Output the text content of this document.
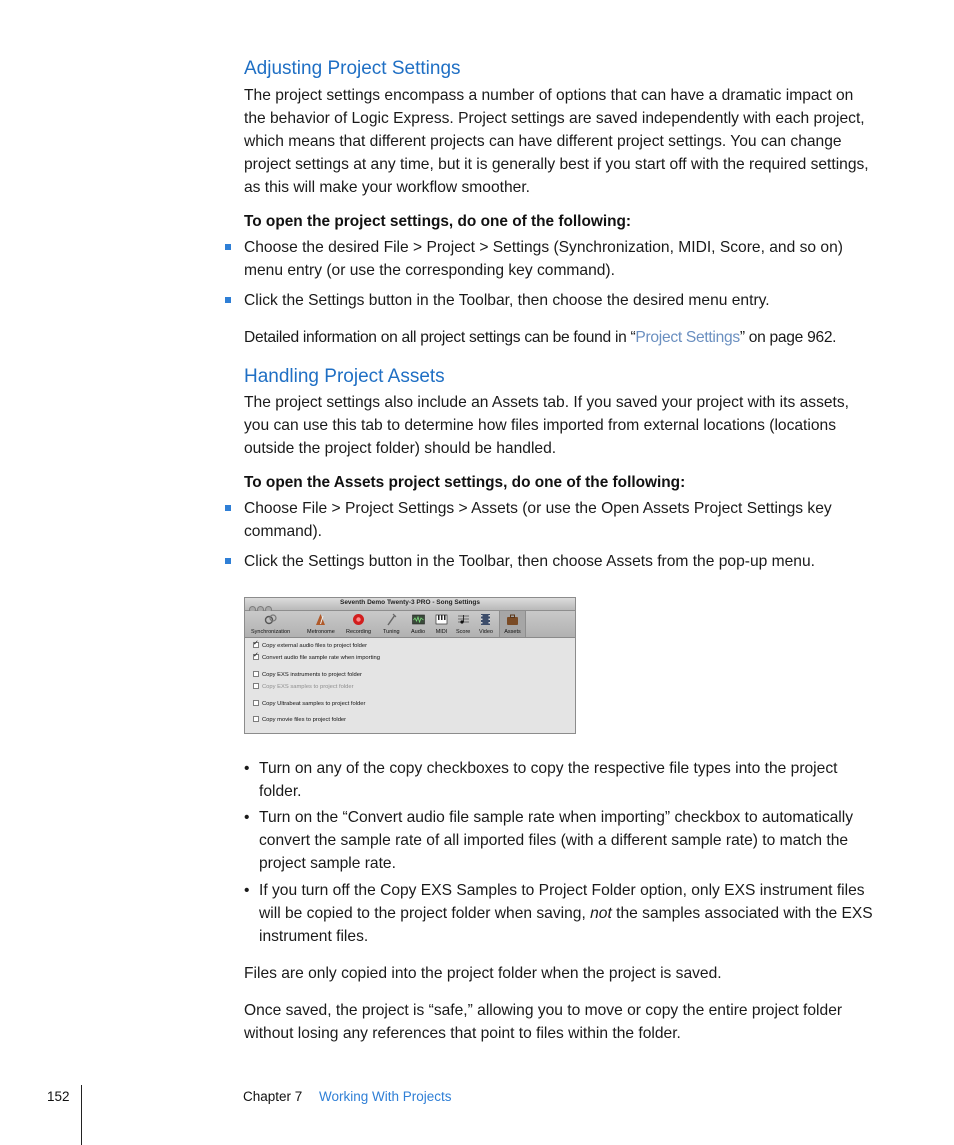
Adjusting Project Settings

The project settings encompass a number of options that can have a dramatic impact on the behavior of Logic Express. Project settings are saved independently with each project, which means that different projects can have different project settings. You can change project settings at any time, but it is generally best if you start off with the required settings, as this will make your workflow smoother.

To open the project settings, do one of the following:

Choose the desired File > Project > Settings (Synchronization, MIDI, Score, and so on) menu entry (or use the corresponding key command).
Click the Settings button in the Toolbar, then choose the desired menu entry.

Detailed information on all project settings can be found in “Project Settings” on page 962.

Handling Project Assets

The project settings also include an Assets tab. If you saved your project with its assets, you can use this tab to determine how files imported from external locations (locations outside the project folder) should be handled.

To open the Assets project settings, do one of the following:

Choose File > Project Settings > Assets (or use the Open Assets Project Settings key command).
Click the Settings button in the Toolbar, then choose Assets from the pop-up menu.
Seventh Demo Twenty-3 PRO - Song Settings
Synchronization	Metronome Recording Tuning Audio MIDI Score Video	Assets
✓Copy external audio files to project folder
✓Convert audio file sample rate when importing
Copy EXS instruments to project folder
Copy EXS samples to project folder
Copy Ultrabeat samples to project folder
Copy movie files to project folder
• Turn on any of the copy checkboxes to copy the respective file types into the project folder.
• Turn on the “Convert audio file sample rate when importing” checkbox to automatically convert the sample rate of all imported files (with a different sample rate) to match the project sample rate.
• If you turn off the Copy EXS Samples to Project Folder option, only EXS instrument files will be copied to the project folder when saving, not the samples associated with the EXS instrument files.

Files are only copied into the project folder when the project is saved.

Once saved, the project is “safe,” allowing you to move or copy the entire project folder without losing any references that point to files within the folder.

152	Chapter 7 Working With Projects
